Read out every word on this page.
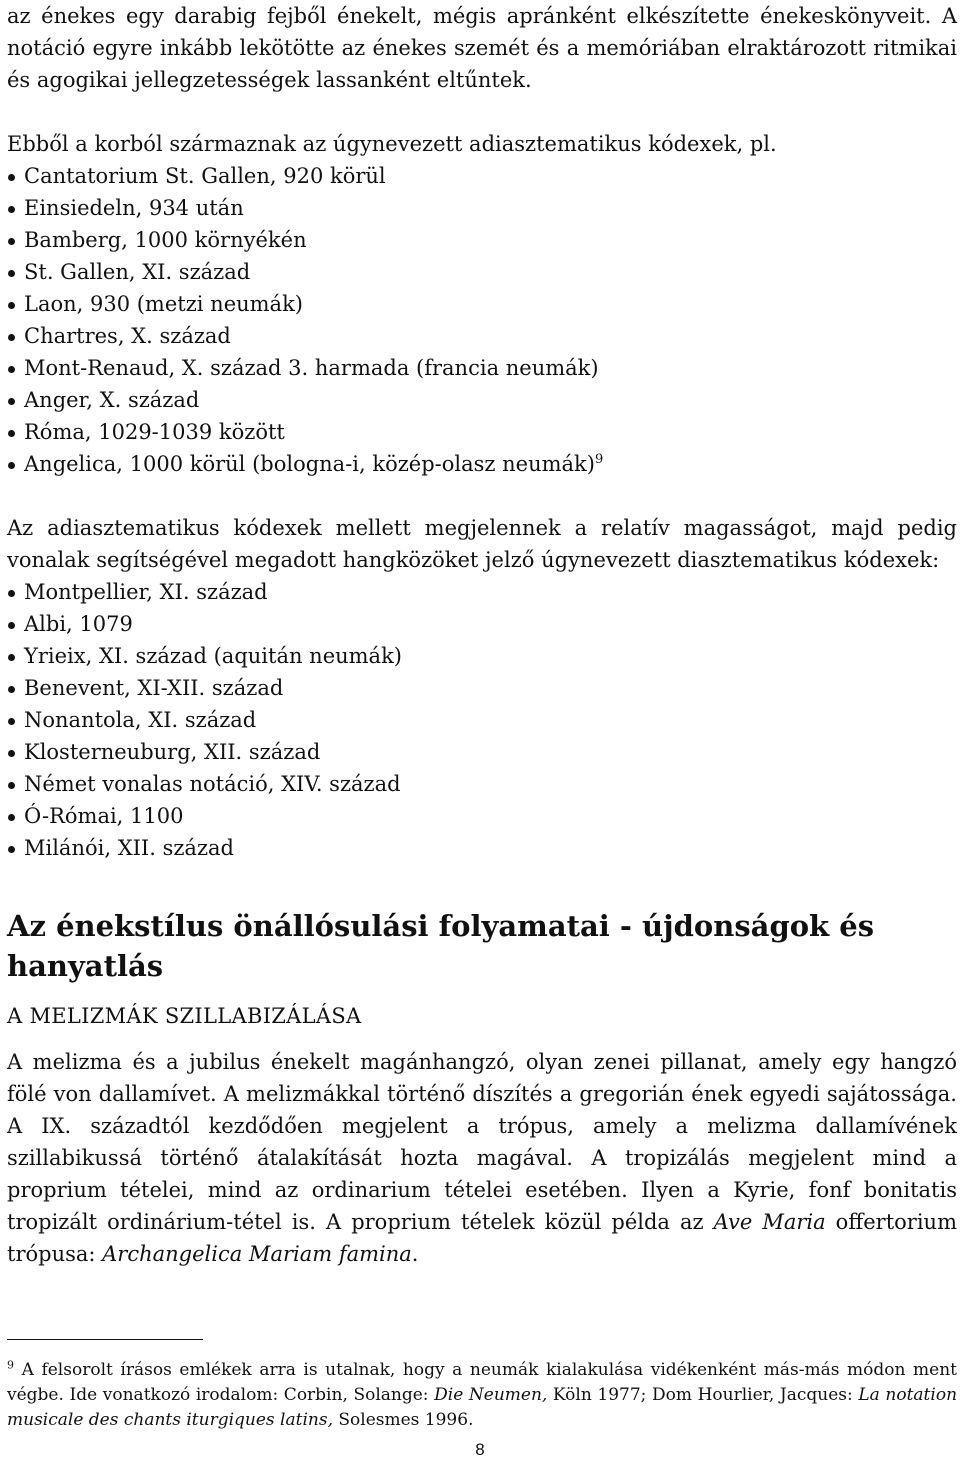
az énekes egy darabig fejből énekelt, mégis apránként elkészítette énekeskönyveit. A notáció egyre inkább lekötötte az énekes szemét és a memóriában elraktározott ritmikai és agogikai jellegzetességek lassanként eltűntek.

Ebből a korból származnak az úgynevezett adiasztematikus kódexek, pl.

Cantatorium St. Gallen, 920 körül
Einsiedeln, 934 után
Bamberg, 1000 környékén
St. Gallen, XI. század
Laon, 930 (metzi neumák)
Chartres, X. század
Mont-Renaud, X. század 3. harmada (francia neumák)
Anger, X. század
Róma, 1029-1039 között
Angelica, 1000 körül (bologna-i, közép-olasz neumák)$^9$

Az adiasztematikus kódexek mellett megjelennek a relatív magasságot, majd pedig vonalak segítségével megadott hangközöket jelző úgynevezett diasztematikus kódexek:

Montpellier, XI. század
Albi, 1079
Yrieix, XI. század (aquitán neumák)
Benevent, XI-XII. század
Nonantola, XI. század
Klosterneuburg, XII. század
Német vonalas notáció, XIV. század
Ó-Római, 1100
Milánói, XII. század
Az énekstílus önállósulási folyamatai - újdonságok és hanyatlás
A MELIZMÁK SZILLABIZÁLÁSA

A melizma és a jubilus énekelt magánhangzó, olyan zenei pillanat, amely egy hangzó fölé von dallamívet. A melizmákkal történő díszítés a gregorián ének egyedi sajátossága. A IX. századtól kezdődően megjelent a trópus, amely a melizma dallamívének szillabikussá történő átalakítását hozta magával. A tropizálás megjelent mind a proprium tételei, mind az ordinarium tételei esetében. Ilyen a Kyrie, fonf bonitatis tropizált ordinárium-tétel is. A proprium tételek közül példa az Ave Maria offertorium trópusa: Archangelica Mariam famina.

$^9$ A felsorolt írásos emlékek arra is utalnak, hogy a neumák kialakulása vidékenként más-más módon ment végbe. Ide vonatkozó irodalom: Corbin, Solange: Die Neumen, Köln 1977; Dom Hourlier, Jacques: La notation musicale des chants iturgiques latins, Solesmes 1996.
8
